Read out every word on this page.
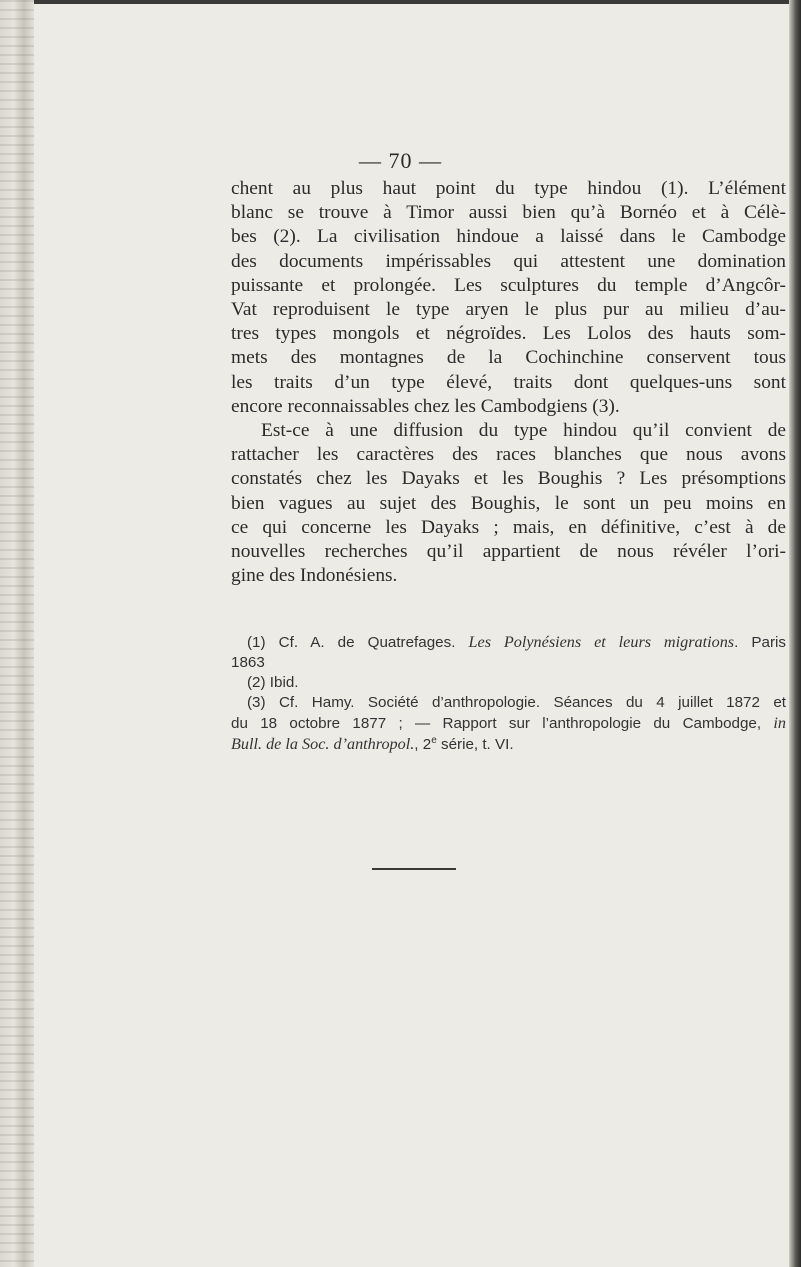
— 70 —
chent au plus haut point du type hindou (1). L’élément
blanc se trouve à Timor aussi bien qu’à Bornéo et à Célè-
bes (2). La civilisation hindoue a laissé dans le Cambodge
des documents impérissables qui attestent une domination
puissante et prolongée. Les sculptures du temple d’Angcôr-
Vat reproduisent le type aryen le plus pur au milieu d’au-
tres types mongols et négroïdes. Les Lolos des hauts som-
mets des montagnes de la Cochinchine conservent tous
les traits d’un type élevé, traits dont quelques-uns sont
encore reconnaissables chez les Cambodgiens (3).
Est-ce à une diffusion du type hindou qu’il convient de
rattacher les caractères des races blanches que nous avons
constatés chez les Dayaks et les Boughis ? Les présomptions
bien vagues au sujet des Boughis, le sont un peu moins en
ce qui concerne les Dayaks ; mais, en définitive, c’est à de
nouvelles recherches qu’il appartient de nous révéler l’ori-
gine des Indonésiens.
(1) Cf. A. de Quatrefages. Les Polynésiens et leurs migrations. Paris
1863
(2) Ibid.
(3) Cf. Hamy. Société d’anthropologie. Séances du 4 juillet 1872 et
du 18 octobre 1877 ; — Rapport sur l’anthropologie du Cambodge, in
Bull. de la Soc. d’anthropol., 2e série, t. VI.
